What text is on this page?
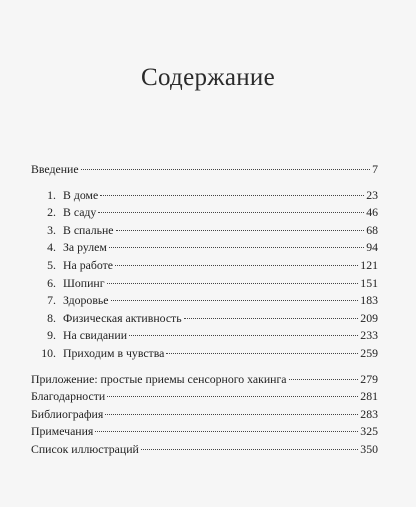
Содержание
Введение	7
1. В доме	23
2. В саду	46
3. В спальне	68
4. За рулем	94
5. На работе	121
6. Шопинг	151
7. Здоровье	183
8. Физическая активность	209
9. На свидании	233
10. Приходим в чувства	259
Приложение: простые приемы сенсорного хакинга	279
Благодарности	281
Библиография	283
Примечания	325
Список иллюстраций	350
